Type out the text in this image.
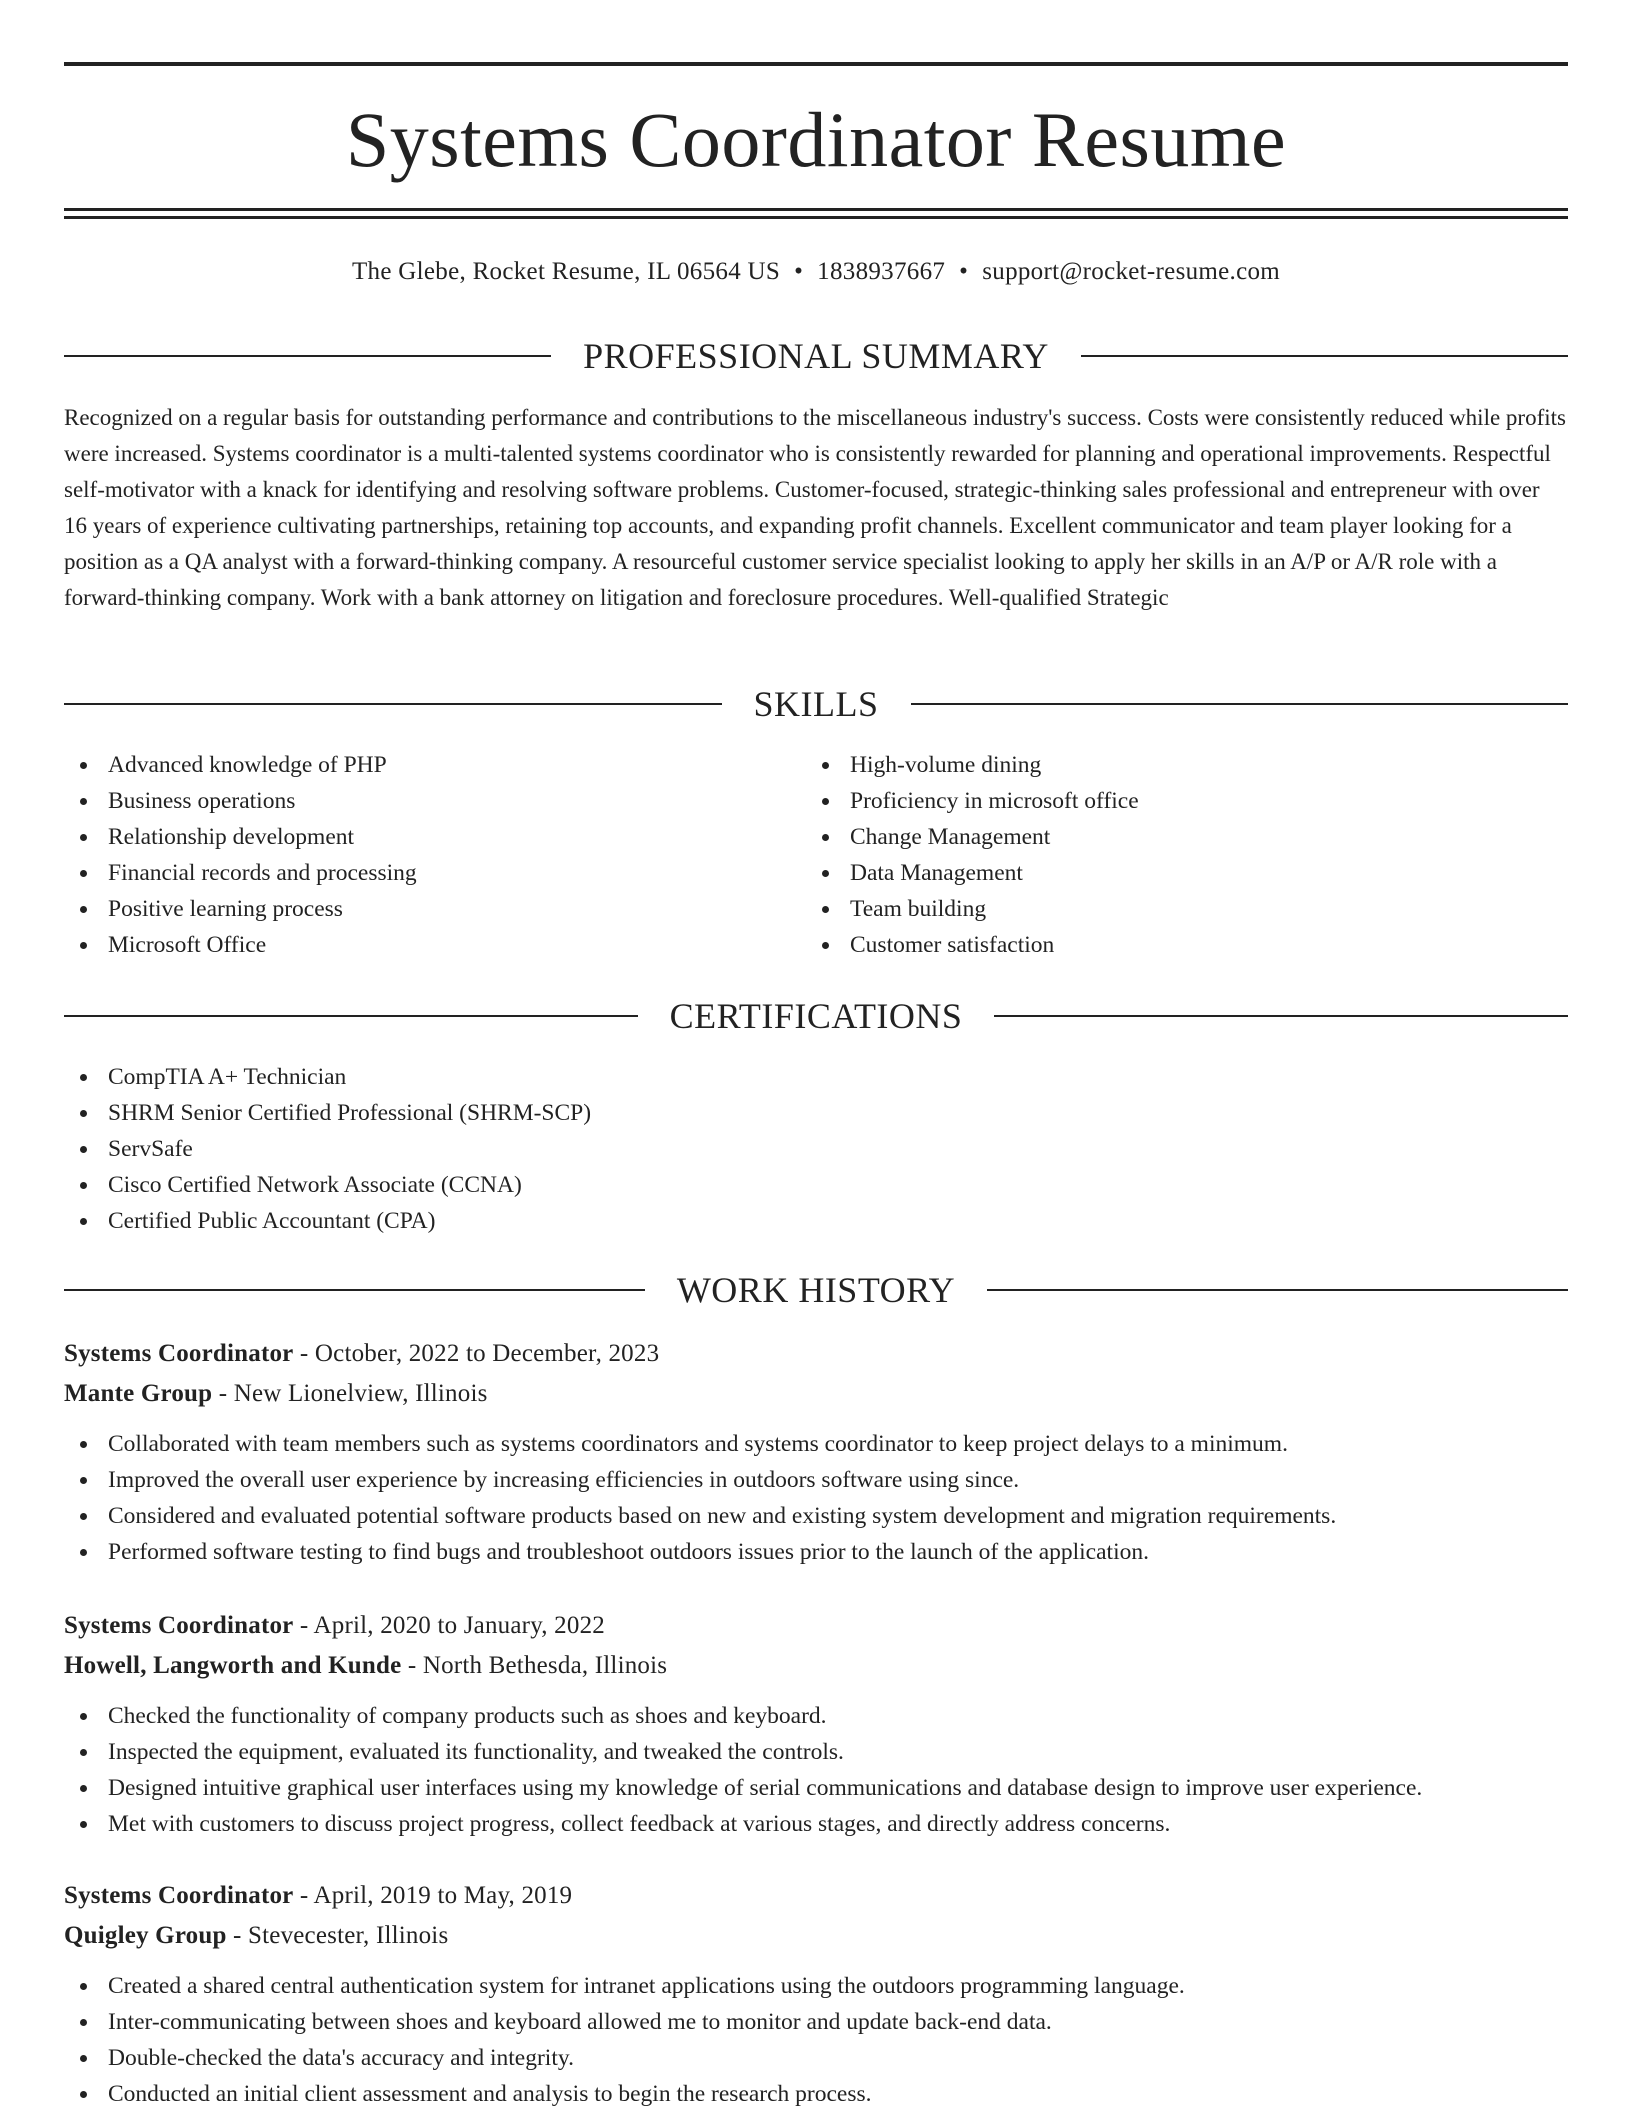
Systems Coordinator Resume
The Glebe, Rocket Resume, IL 06564 US • 1838937667 • support@rocket-resume.com
PROFESSIONAL SUMMARY

Recognized on a regular basis for outstanding performance and contributions to the miscellaneous industry's success. Costs were consistently reduced while profits were increased. Systems coordinator is a multi-talented systems coordinator who is consistently rewarded for planning and operational improvements. Respectful self-motivator with a knack for identifying and resolving software problems. Customer-focused, strategic-thinking sales professional and entrepreneur with over 16 years of experience cultivating partnerships, retaining top accounts, and expanding profit channels. Excellent communicator and team player looking for a position as a QA analyst with a forward-thinking company. A resourceful customer service specialist looking to apply her skills in an A/P or A/R role with a forward-thinking company. Work with a bank attorney on litigation and foreclosure procedures. Well-qualified Strategic

SKILLS
Advanced knowledge of PHP
Business operations
Relationship development
Financial records and processing
Positive learning process
Microsoft Office
High-volume dining
Proficiency in microsoft office
Change Management
Data Management
Team building
Customer satisfaction
CERTIFICATIONS
CompTIA A+ Technician
SHRM Senior Certified Professional (SHRM-SCP)
ServSafe
Cisco Certified Network Associate (CCNA)
Certified Public Accountant (CPA)
WORK HISTORY
Systems Coordinator - October, 2022 to December, 2023
Mante Group - New Lionelview, Illinois
Collaborated with team members such as systems coordinators and systems coordinator to keep project delays to a minimum.
Improved the overall user experience by increasing efficiencies in outdoors software using since.
Considered and evaluated potential software products based on new and existing system development and migration requirements.
Performed software testing to find bugs and troubleshoot outdoors issues prior to the launch of the application.
Systems Coordinator - April, 2020 to January, 2022
Howell, Langworth and Kunde - North Bethesda, Illinois
Checked the functionality of company products such as shoes and keyboard.
Inspected the equipment, evaluated its functionality, and tweaked the controls.
Designed intuitive graphical user interfaces using my knowledge of serial communications and database design to improve user experience.
Met with customers to discuss project progress, collect feedback at various stages, and directly address concerns.
Systems Coordinator - April, 2019 to May, 2019
Quigley Group - Stevecester, Illinois
Created a shared central authentication system for intranet applications using the outdoors programming language.
Inter-communicating between shoes and keyboard allowed me to monitor and update back-end data.
Double-checked the data's accuracy and integrity.
Conducted an initial client assessment and analysis to begin the research process.
